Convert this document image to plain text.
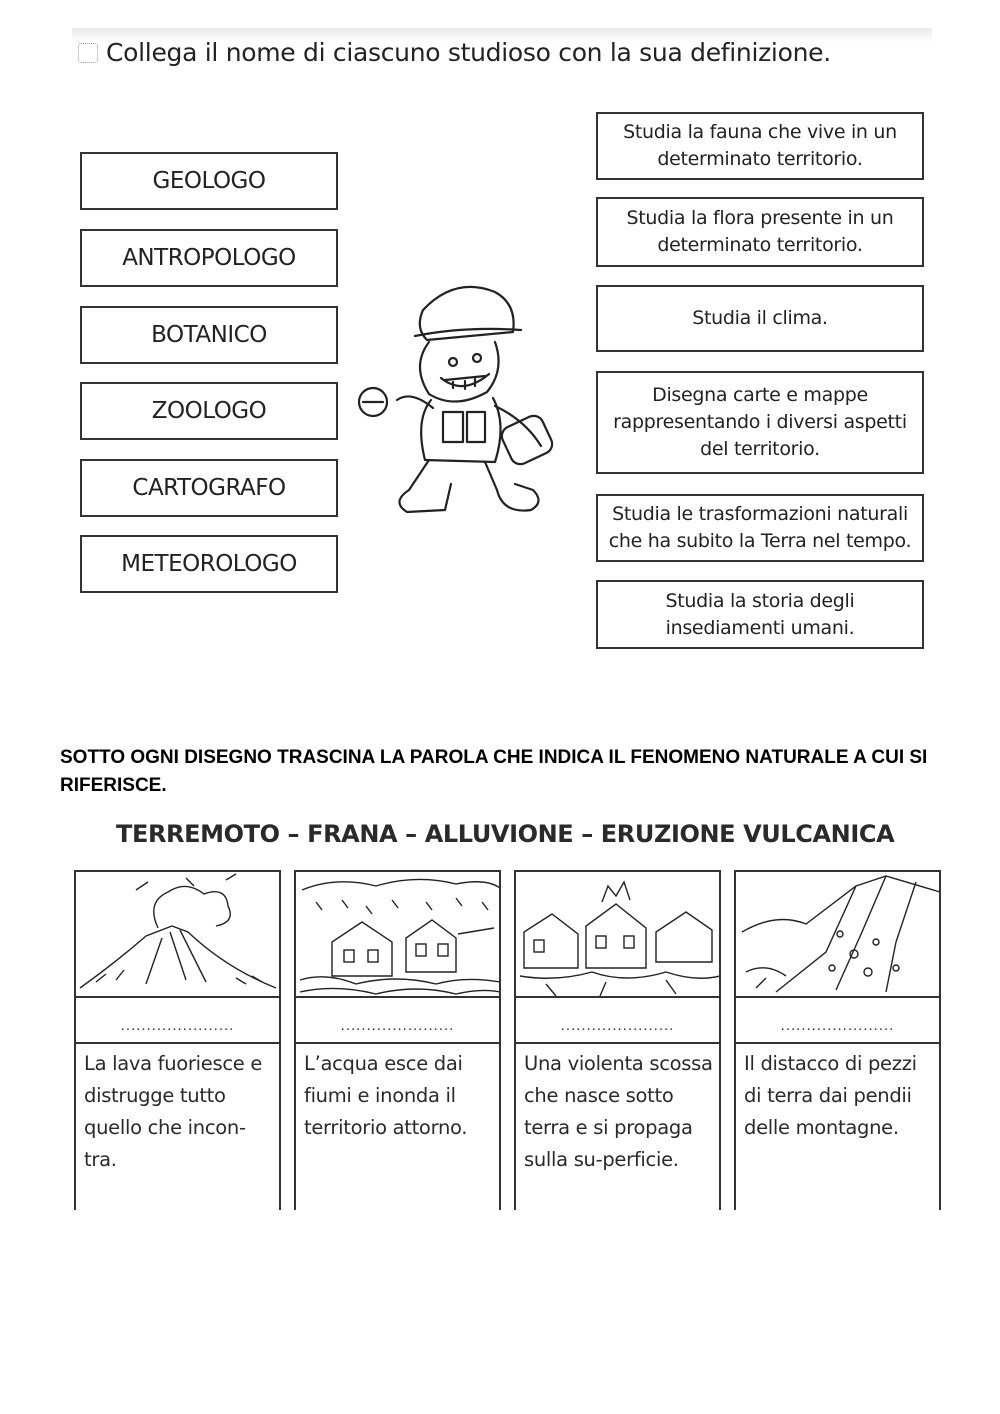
Collega il nome di ciascuno studioso con la sua definizione.
GEOLOGO
ANTROPOLOGO
BOTANICO
ZOOLOGO
CARTOGRAFO
METEOROLOGO
Studia la fauna che vive in un determinato territorio.
Studia la flora presente in un determinato territorio.
Studia il clima.
Disegna carte e mappe rappresentando i diversi aspetti del territorio.
Studia le trasformazioni naturali che ha subito la Terra nel tempo.
Studia la storia degli insediamenti umani.
SOTTO OGNI DISEGNO TRASCINA LA PAROLA CHE INDICA IL FENOMENO NATURALE A CUI SI RIFERISCE.
TERREMOTO – FRANA – ALLUVIONE – ERUZIONE VULCANICA
......................
La lava fuoriesce e distrugge tutto quello che incon-tra.
......................
L’acqua esce dai fiumi e inonda il territorio attorno.
......................
Una violenta scossa che nasce sotto terra e si propaga sulla su-perficie.
......................
Il distacco di pezzi di terra dai pendii delle montagne.
